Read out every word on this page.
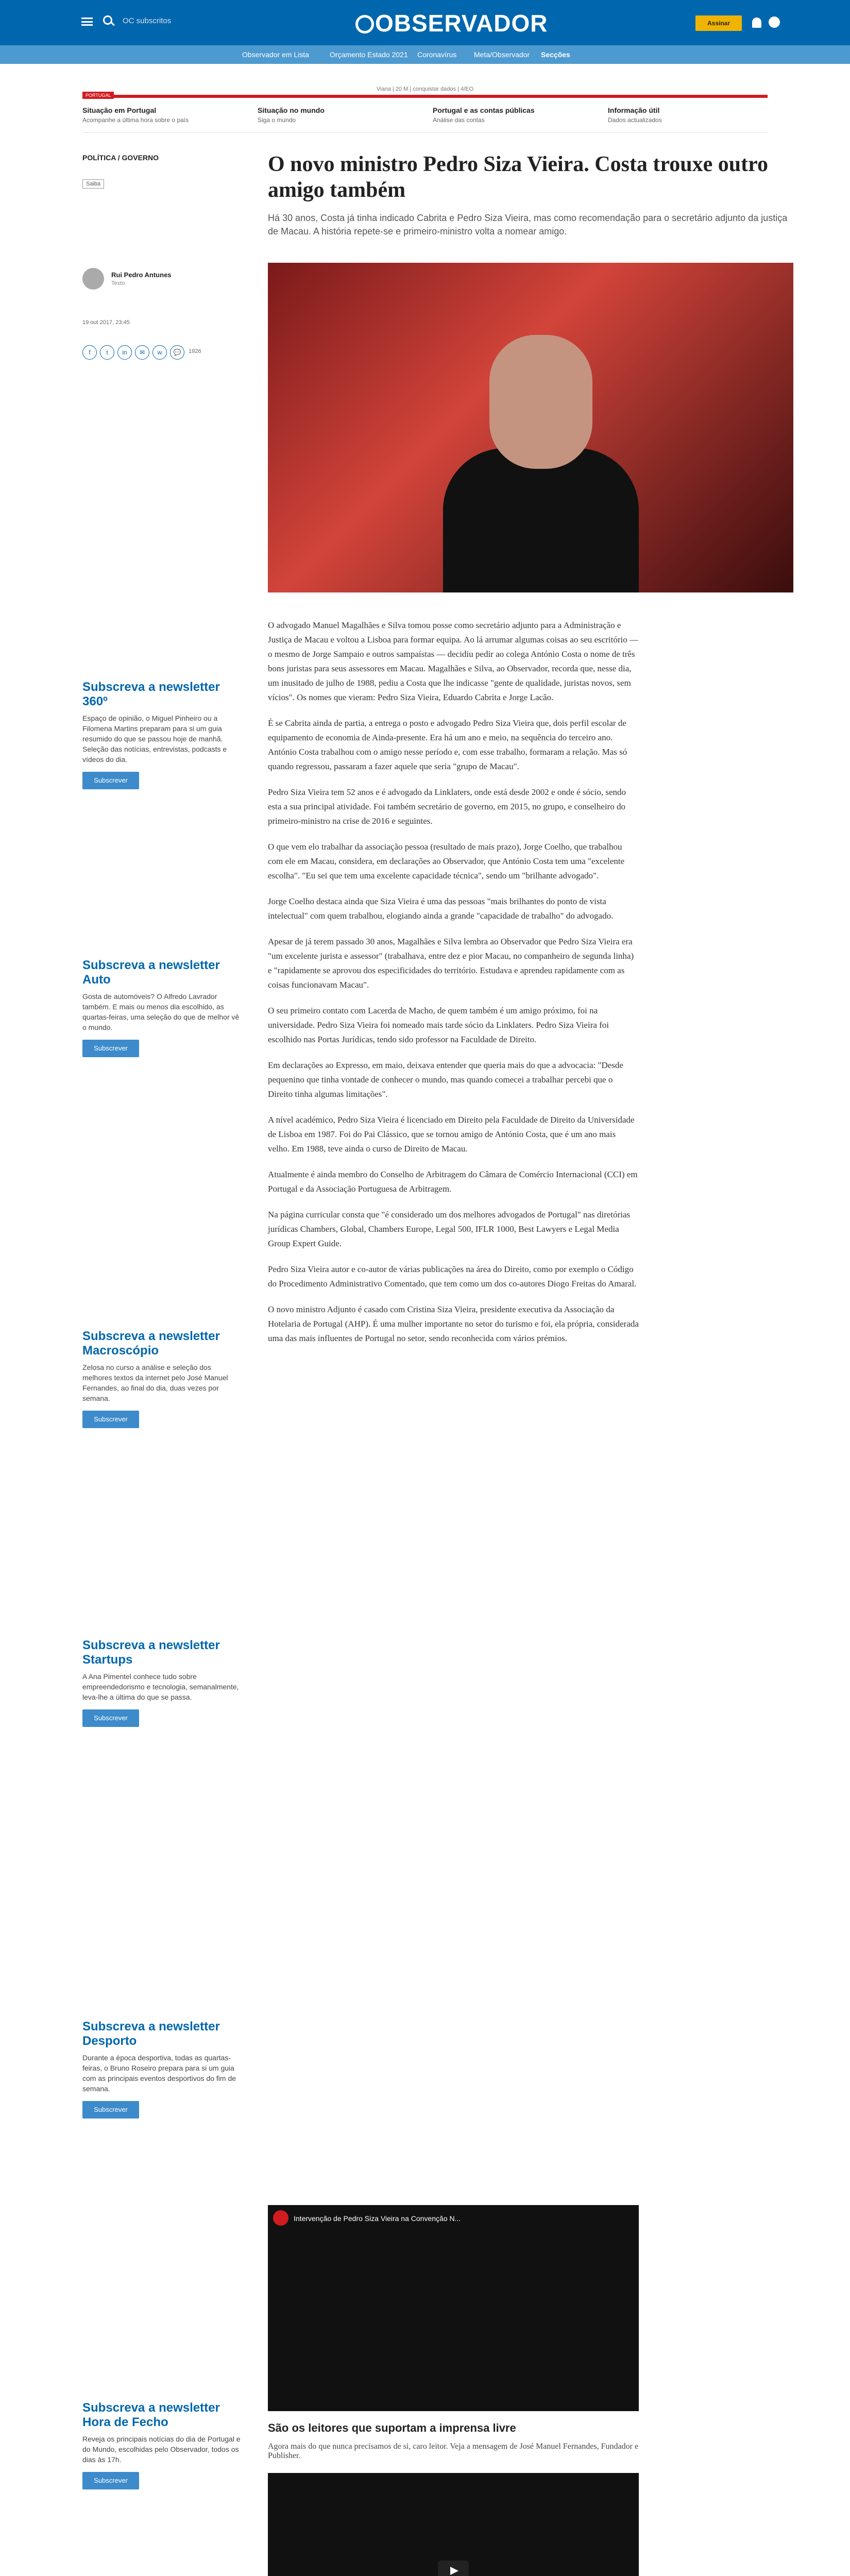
OC subscritos	OBSERVADOR	Assinar
Observador em Lista	Orçamento Estado 2021 Coronavírus Meta/Observador Secções
Viana | 20 M | conquistar dados | 4/EO
PORTUGAL
Situação em Portugal
Acompanhe a última hora sobre o país
Situação no mundo
Siga o mundo
Portugal e as contas públicas
Análise das contas
Informação útil
Dados actualizados
POLÍTICA / GOVERNO
Saiba
O novo ministro Pedro Siza Vieira. Costa trouxe outro amigo também
Há 30 anos, Costa já tinha indicado Cabrita e Pedro Siza Vieira, mas como recomendação para o secretário adjunto da justiça de Macau. A história repete-se e primeiro-ministro volta a nomear amigo.
Rui Pedro Antunes
Texto
19 out 2017, 23:45
f	t	in	✉	w	💬	1926

O advogado Manuel Magalhães e Silva tomou posse como secretário adjunto para a Administração e Justiça de Macau e voltou a Lisboa para formar equipa. Ao lá arrumar algumas coisas ao seu escritório — o mesmo de Jorge Sampaio e outros sampaístas — decidiu pedir ao colega António Costa o nome de três bons juristas para seus assessores em Macau. Magalhães e Silva, ao Observador, recorda que, nesse dia, um inusitado de julho de 1988, pediu a Costa que lhe indicasse "gente de qualidade, juristas novos, sem vícios". Os nomes que vieram: Pedro Siza Vieira, Eduardo Cabrita e Jorge Lacão.

É se Cabrita ainda de partia, a entrega o posto e advogado Pedro Siza Vieira que, dois perfil escolar de equipamento de economia de Ainda-presente. Era há um ano e meio, na sequência do terceiro ano. António Costa trabalhou com o amigo nesse período e, com esse trabalho, formaram a relação. Mas só quando regressou, passaram a fazer aquele que seria "grupo de Macau".

Pedro Siza Vieira tem 52 anos e é advogado da Linklaters, onde está desde 2002 e onde é sócio, sendo esta a sua principal atividade. Foi também secretário de governo, em 2015, no grupo, e conselheiro do primeiro-ministro na crise de 2016 e seguintes.

O que vem elo trabalhar da associação pessoa (resultado de mais prazo), Jorge Coelho, que trabalhou com ele em Macau, considera, em declarações ao Observador, que António Costa tem uma "excelente escolha". "Eu sei que tem uma excelente capacidade técnica", sendo um "brilhante advogado".

Jorge Coelho destaca ainda que Siza Vieira é uma das pessoas "mais brilhantes do ponto de vista intelectual" com quem trabalhou, elogiando ainda a grande "capacidade de trabalho" do advogado.

Apesar de já terem passado 30 anos, Magalhães e Silva lembra ao Observador que Pedro Siza Vieira era "um excelente jurista e assessor" (trabalhava, entre dez e pior Macau, no companheiro de segunda linha) e "rapidamente se aprovou dos especificidades do território. Estudava e aprendeu rapidamente com as coisas funcionavam Macau".

O seu primeiro contato com Lacerda de Macho, de quem também é um amigo próximo, foi na universidade. Pedro Siza Vieira foi nomeado mais tarde sócio da Linklaters. Pedro Siza Vieira foi escolhido nas Portas Jurídicas, tendo sido professor na Faculdade de Direito.

Em declarações ao Expresso, em maio, deixava entender que queria mais do que a advocacia: "Desde pequenino que tinha vontade de conhecer o mundo, mas quando comecei a trabalhar percebi que o Direito tinha algumas limitações".

A nível académico, Pedro Siza Vieira é licenciado em Direito pela Faculdade de Direito da Universidade de Lisboa em 1987. Foi do Pai Clássico, que se tornou amigo de António Costa, que é um ano mais velho. Em 1988, teve ainda o curso de Direito de Macau.

Atualmente é ainda membro do Conselho de Arbitragem do Câmara de Comércio Internacional (CCI) em Portugal e da Associação Portuguesa de Arbitragem.

Na página curricular consta que "é considerado um dos melhores advogados de Portugal" nas diretórias jurídicas Chambers, Global, Chambers Europe, Legal 500, IFLR 1000, Best Lawyers e Legal Media Group Expert Guide.

Pedro Siza Vieira autor e co-autor de várias publicações na área do Direito, como por exemplo o Código do Procedimento Administrativo Comentado, que tem como um dos co-autores Diogo Freitas do Amaral.

O novo ministro Adjunto é casado com Cristina Siza Vieira, presidente executiva da Associação da Hotelaria de Portugal (AHP). É uma mulher importante no setor do turismo e foi, ela própria, considerada uma das mais influentes de Portugal no setor, sendo reconhecida com vários prémios.

Subscreva a newsletter 360º

Espaço de opinião, o Miguel Pinheiro ou a Filomena Martins preparam para si um guia resumido do que se passou hoje de manhã. Seleção das notícias, entrevistas, podcasts e vídeos do dia.

Subscrever
Subscreva a newsletter Auto

Gosta de automóveis? O Alfredo Lavrador também. E mais ou menos dia escolhido, as quartas-feiras, uma seleção do que de melhor vê o mundo.

Subscrever
Subscreva a newsletter Macroscópio

Zelosa no curso a análise e seleção dos melhores textos da internet pelo José Manuel Fernandes, ao final do dia, duas vezes por semana.

Subscrever
Subscreva a newsletter Startups

A Ana Pimentel conhece tudo sobre empreendedorismo e tecnologia, semanalmente, leva-lhe a última do que se passa.

Subscrever
Subscreva a newsletter Desporto

Durante a época desportiva, todas as quartas-feiras, o Bruno Roseiro prepara para si um guia com as principais eventos desportivos do fim de semana.

Subscrever
Subscreva a newsletter Hora de Fecho

Reveja os principais notícias do dia de Portugal e do Mundo, escolhidas pelo Observador, todos os dias às 17h.

Subscrever
Intervenção de Pedro Siza Vieira na Convenção N...
São os leitores que suportam a imprensa livre
Agora mais do que nunca precisamos de si, caro leitor. Veja a mensagem de José Manuel Fernandes, Fundador e Publisher.
